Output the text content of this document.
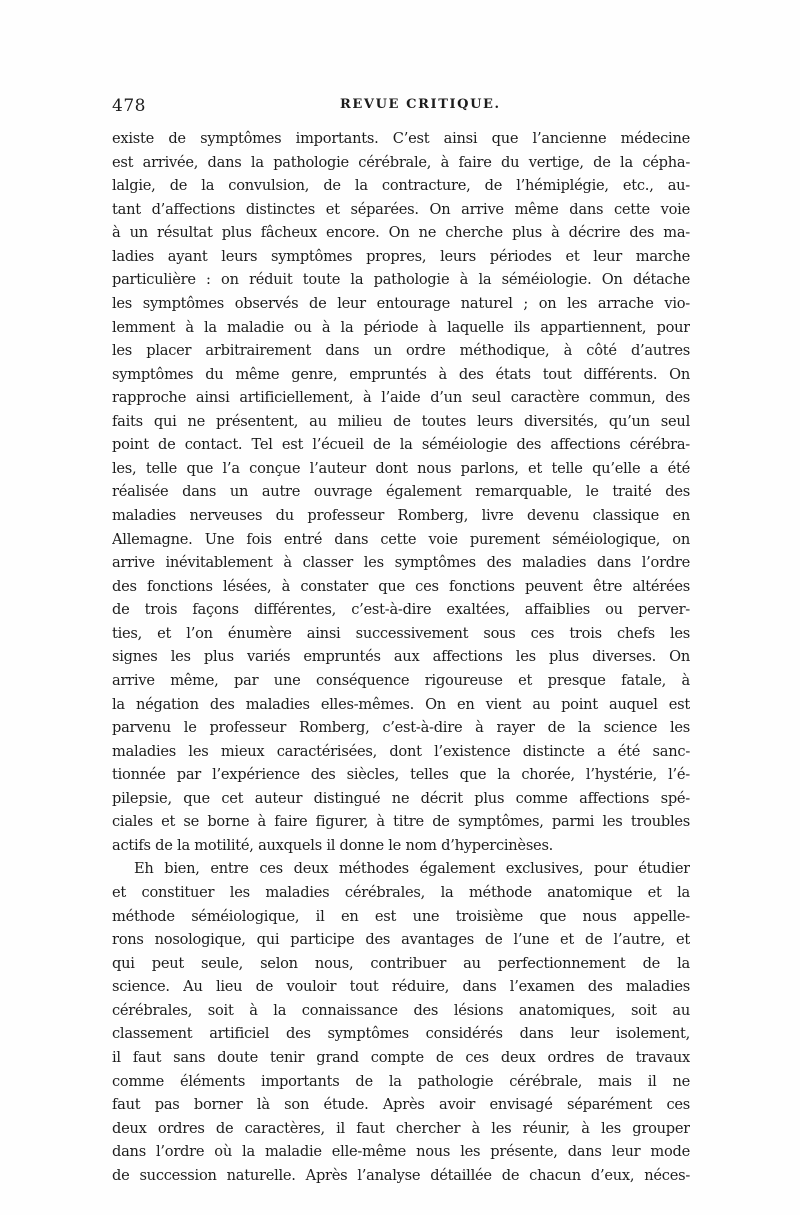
478	REVUE CRITIQUE.
existe de symptômes importants. C’est ainsi que l’ancienne médecine
est arrivée, dans la pathologie cérébrale, à faire du vertige, de la cépha-
lalgie, de la convulsion, de la contracture, de l’hémiplégie, etc., au-
tant d’affections distinctes et séparées. On arrive même dans cette voie
à un résultat plus fâcheux encore. On ne cherche plus à décrire des ma-
ladies ayant leurs symptômes propres, leurs périodes et leur marche
particulière : on réduit toute la pathologie à la séméiologie. On détache
les symptômes observés de leur entourage naturel ; on les arrache vio-
lemment à la maladie ou à la période à laquelle ils appartiennent, pour
les placer arbitrairement dans un ordre méthodique, à côté d’autres
symptômes du même genre, empruntés à des états tout différents. On
rapproche ainsi artificiellement, à l’aide d’un seul caractère commun, des
faits qui ne présentent, au milieu de toutes leurs diversités, qu’un seul
point de contact. Tel est l’écueil de la séméiologie des affections cérébra-
les, telle que l’a conçue l’auteur dont nous parlons, et telle qu’elle a été
réalisée dans un autre ouvrage également remarquable, le traité des
maladies nerveuses du professeur Romberg, livre devenu classique en
Allemagne. Une fois entré dans cette voie purement séméiologique, on
arrive inévitablement à classer les symptômes des maladies dans l’ordre
des fonctions lésées, à constater que ces fonctions peuvent être altérées
de trois façons différentes, c’est-à-dire exaltées, affaiblies ou perver-
ties, et l’on énumère ainsi successivement sous ces trois chefs les
signes les plus variés empruntés aux affections les plus diverses. On
arrive même, par une conséquence rigoureuse et presque fatale, à
la négation des maladies elles-mêmes. On en vient au point auquel est
parvenu le professeur Romberg, c’est-à-dire à rayer de la science les
maladies les mieux caractérisées, dont l’existence distincte a été sanc-
tionnée par l’expérience des siècles, telles que la chorée, l’hystérie, l’é-
pilepsie, que cet auteur distingué ne décrit plus comme affections spé-
ciales et se borne à faire figurer, à titre de symptômes, parmi les troubles
actifs de la motilité, auxquels il donne le nom d’hypercinèses.
Eh bien, entre ces deux méthodes également exclusives, pour étudier
et constituer les maladies cérébrales, la méthode anatomique et la
méthode séméiologique, il en est une troisième que nous appelle-
rons nosologique, qui participe des avantages de l’une et de l’autre, et
qui peut seule, selon nous, contribuer au perfectionnement de la
science. Au lieu de vouloir tout réduire, dans l’examen des maladies
cérébrales, soit à la connaissance des lésions anatomiques, soit au
classement artificiel des symptômes considérés dans leur isolement,
il faut sans doute tenir grand compte de ces deux ordres de travaux
comme éléments importants de la pathologie cérébrale, mais il ne
faut pas borner là son étude. Après avoir envisagé séparément ces
deux ordres de caractères, il faut chercher à les réunir, à les grouper
dans l’ordre où la maladie elle-même nous les présente, dans leur mode
de succession naturelle. Après l’analyse détaillée de chacun d’eux, néces-
